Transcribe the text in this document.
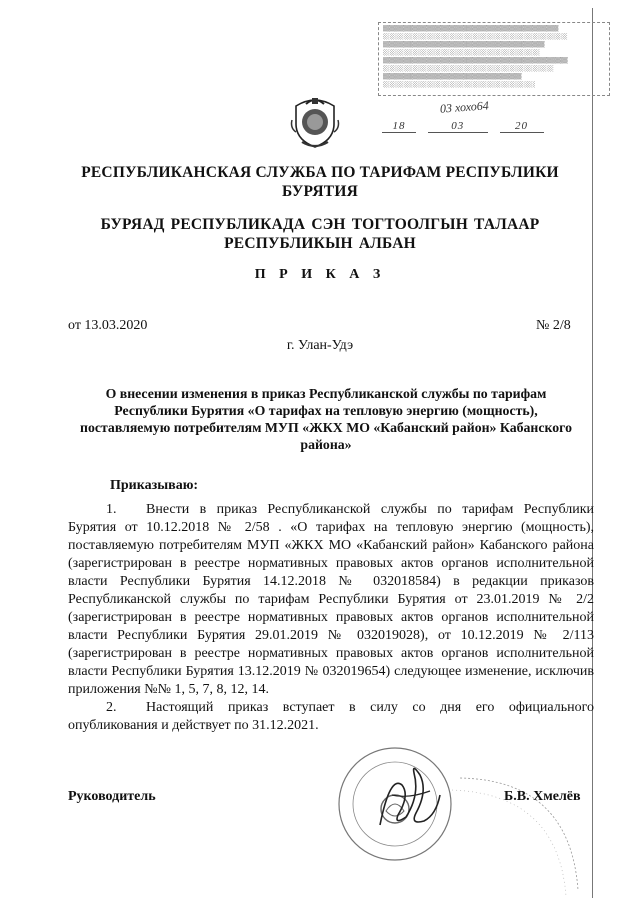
▒▒▒▒▒▒▒▒▒▒▒▒▒▒▒▒▒▒▒▒▒▒▒▒▒▒▒▒▒▒▒▒▒▒▒▒▒▒
░░░░░░░░░░░░░░░░░░░░░░░░░░░░░░░░░░░░░░░░
▒▒▒▒▒▒▒▒▒▒▒▒▒▒▒▒▒▒▒▒▒▒▒▒▒▒▒▒▒▒▒▒▒▒▒
░░░░░░░░░░░░░░░░░░░░░░░░░░░░░░░░░░
▒▒▒▒▒▒▒▒▒▒▒▒▒▒▒▒▒▒▒▒▒▒▒▒▒▒▒▒▒▒▒▒▒▒▒▒▒▒▒▒
░░░░░░░░░░░░░░░░░░░░░░░░░░░░░░░░░░░░░
▒▒▒▒▒▒▒▒▒▒▒▒▒▒▒▒▒▒▒▒▒▒▒▒▒▒▒▒▒▒
░░░░░░░░░░░░░░░░░░░░░░░░░░░░░░░░░
03 хохо64
18	03	20
РЕСПУБЛИКАНСКАЯ СЛУЖБА ПО ТАРИФАМ РЕСПУБЛИКИ БУРЯТИЯ
БУРЯАД РЕСПУБЛИКАДА СЭН ТОГТООЛГЫН ТАЛААР РЕСПУБЛИКЫН АЛБАН
П Р И К А З
от 13.03.2020	№ 2/8
г. Улан-Удэ
О внесении изменения в приказ Республиканской службы по тарифам Республики Бурятия «О тарифах на тепловую энергию (мощность), поставляемую потребителям МУП «ЖКХ МО «Кабанский район» Кабанского района»
Приказываю:

1. Внести в приказ Республиканской службы по тарифам Республики Бурятия от 10.12.2018 № 2/58 . «О тарифах на тепловую энергию (мощность), поставляемую потребителям МУП «ЖКХ МО «Кабанский район» Кабанского района (зарегистрирован в реестре нормативных правовых актов органов исполнительной власти Республики Бурятия 14.12.2018 № 032018584) в редакции приказов Республиканской службы по тарифам Республики Бурятия от 23.01.2019 № 2/2 (зарегистрирован в реестре нормативных правовых актов органов исполнительной власти Республики Бурятия 29.01.2019 № 032019028), от 10.12.2019 № 2/113 (зарегистрирован в реестре нормативных правовых актов органов исполнительной власти Республики Бурятия 13.12.2019 № 032019654) следующее изменение, исключив приложения №№ 1, 5, 7, 8, 12, 14.

2. Настоящий приказ вступает в силу со дня его официального опубликования и действует по 31.12.2021.

Руководитель	Б.В. Хмелёв
